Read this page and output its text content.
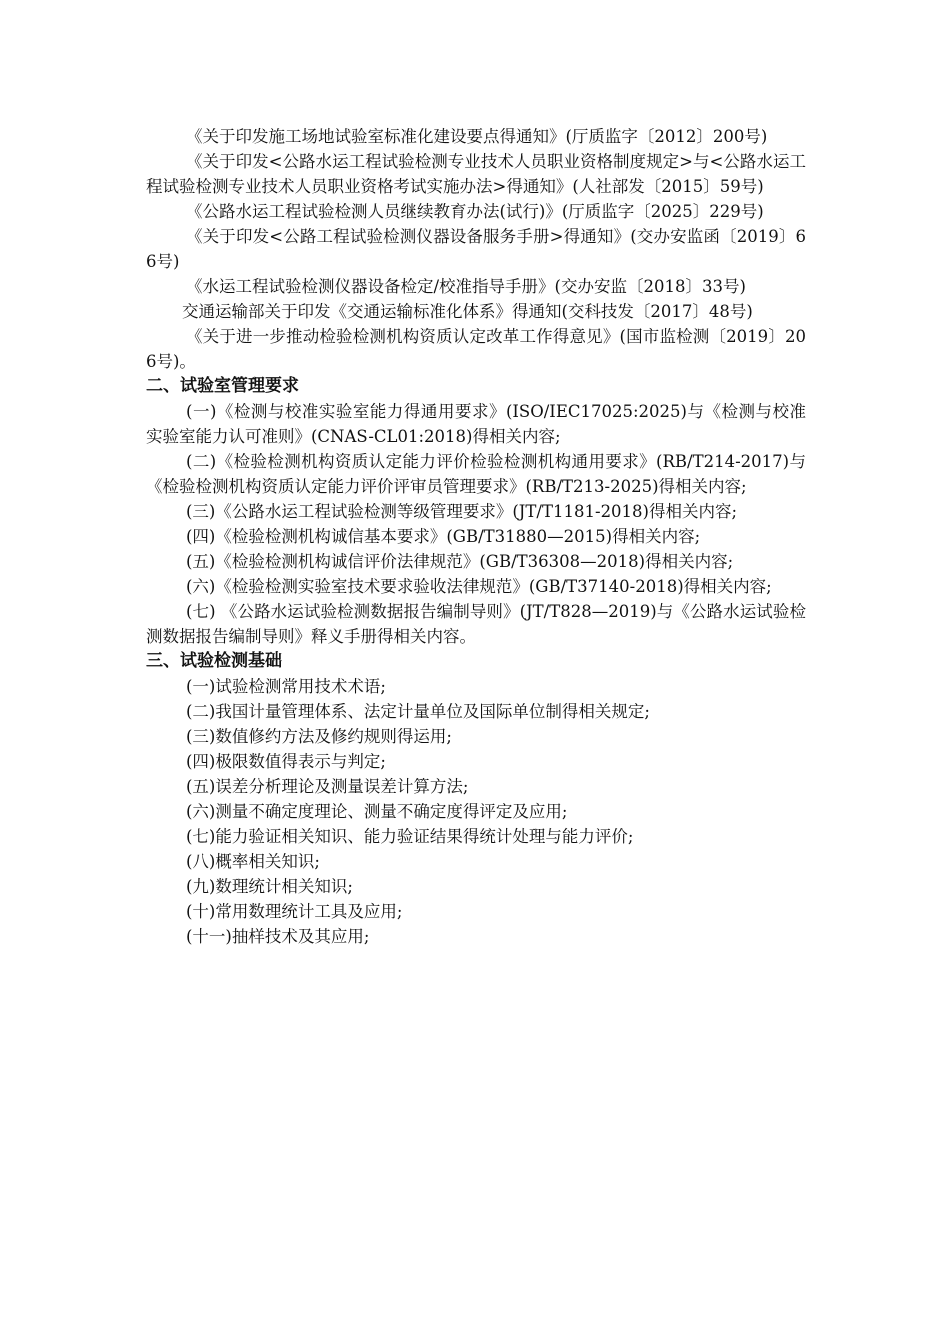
《关于印发施工场地试验室标准化建设要点得通知》(厅质监字〔2012〕200号)

《关于印发<公路水运工程试验检测专业技术人员职业资格制度规定>与<公路水运工程试验检测专业技术人员职业资格考试实施办法>得通知》(人社部发〔2015〕59号)

《公路水运工程试验检测人员继续教育办法(试行)》(厅质监字〔2025〕229号)

《关于印发<公路工程试验检测仪器设备服务手册>得通知》(交办安监函〔2019〕66号)

《水运工程试验检测仪器设备检定/校准指导手册》(交办安监〔2018〕33号)

交通运输部关于印发《交通运输标准化体系》得通知(交科技发〔2017〕48号)

《关于进一步推动检验检测机构资质认定改革工作得意见》(国市监检测〔2019〕206号)。

二、试验室管理要求

(一)《检测与校准实验室能力得通用要求》(ISO/IEC17025:2025)与《检测与校准实验室能力认可准则》(CNAS-CL01:2018)得相关内容;

(二)《检验检测机构资质认定能力评价检验检测机构通用要求》(RB/T214-2017)与《检验检测机构资质认定能力评价评审员管理要求》(RB/T213-2025)得相关内容;

(三)《公路水运工程试验检测等级管理要求》(JT/T1181-2018)得相关内容;

(四)《检验检测机构诚信基本要求》(GB/T31880—2015)得相关内容;

(五)《检验检测机构诚信评价法律规范》(GB/T36308—2018)得相关内容;

(六)《检验检测实验室技术要求验收法律规范》(GB/T37140-2018)得相关内容;

(七) 《公路水运试验检测数据报告编制导则》(JT/T828—2019)与《公路水运试验检测数据报告编制导则》释义手册得相关内容。

三、试验检测基础

(一)试验检测常用技术术语;

(二)我国计量管理体系、法定计量单位及国际单位制得相关规定;

(三)数值修约方法及修约规则得运用;

(四)极限数值得表示与判定;

(五)误差分析理论及测量误差计算方法;

(六)测量不确定度理论、测量不确定度得评定及应用;

(七)能力验证相关知识、能力验证结果得统计处理与能力评价;

(八)概率相关知识;

(九)数理统计相关知识;

(十)常用数理统计工具及应用;

(十一)抽样技术及其应用;
